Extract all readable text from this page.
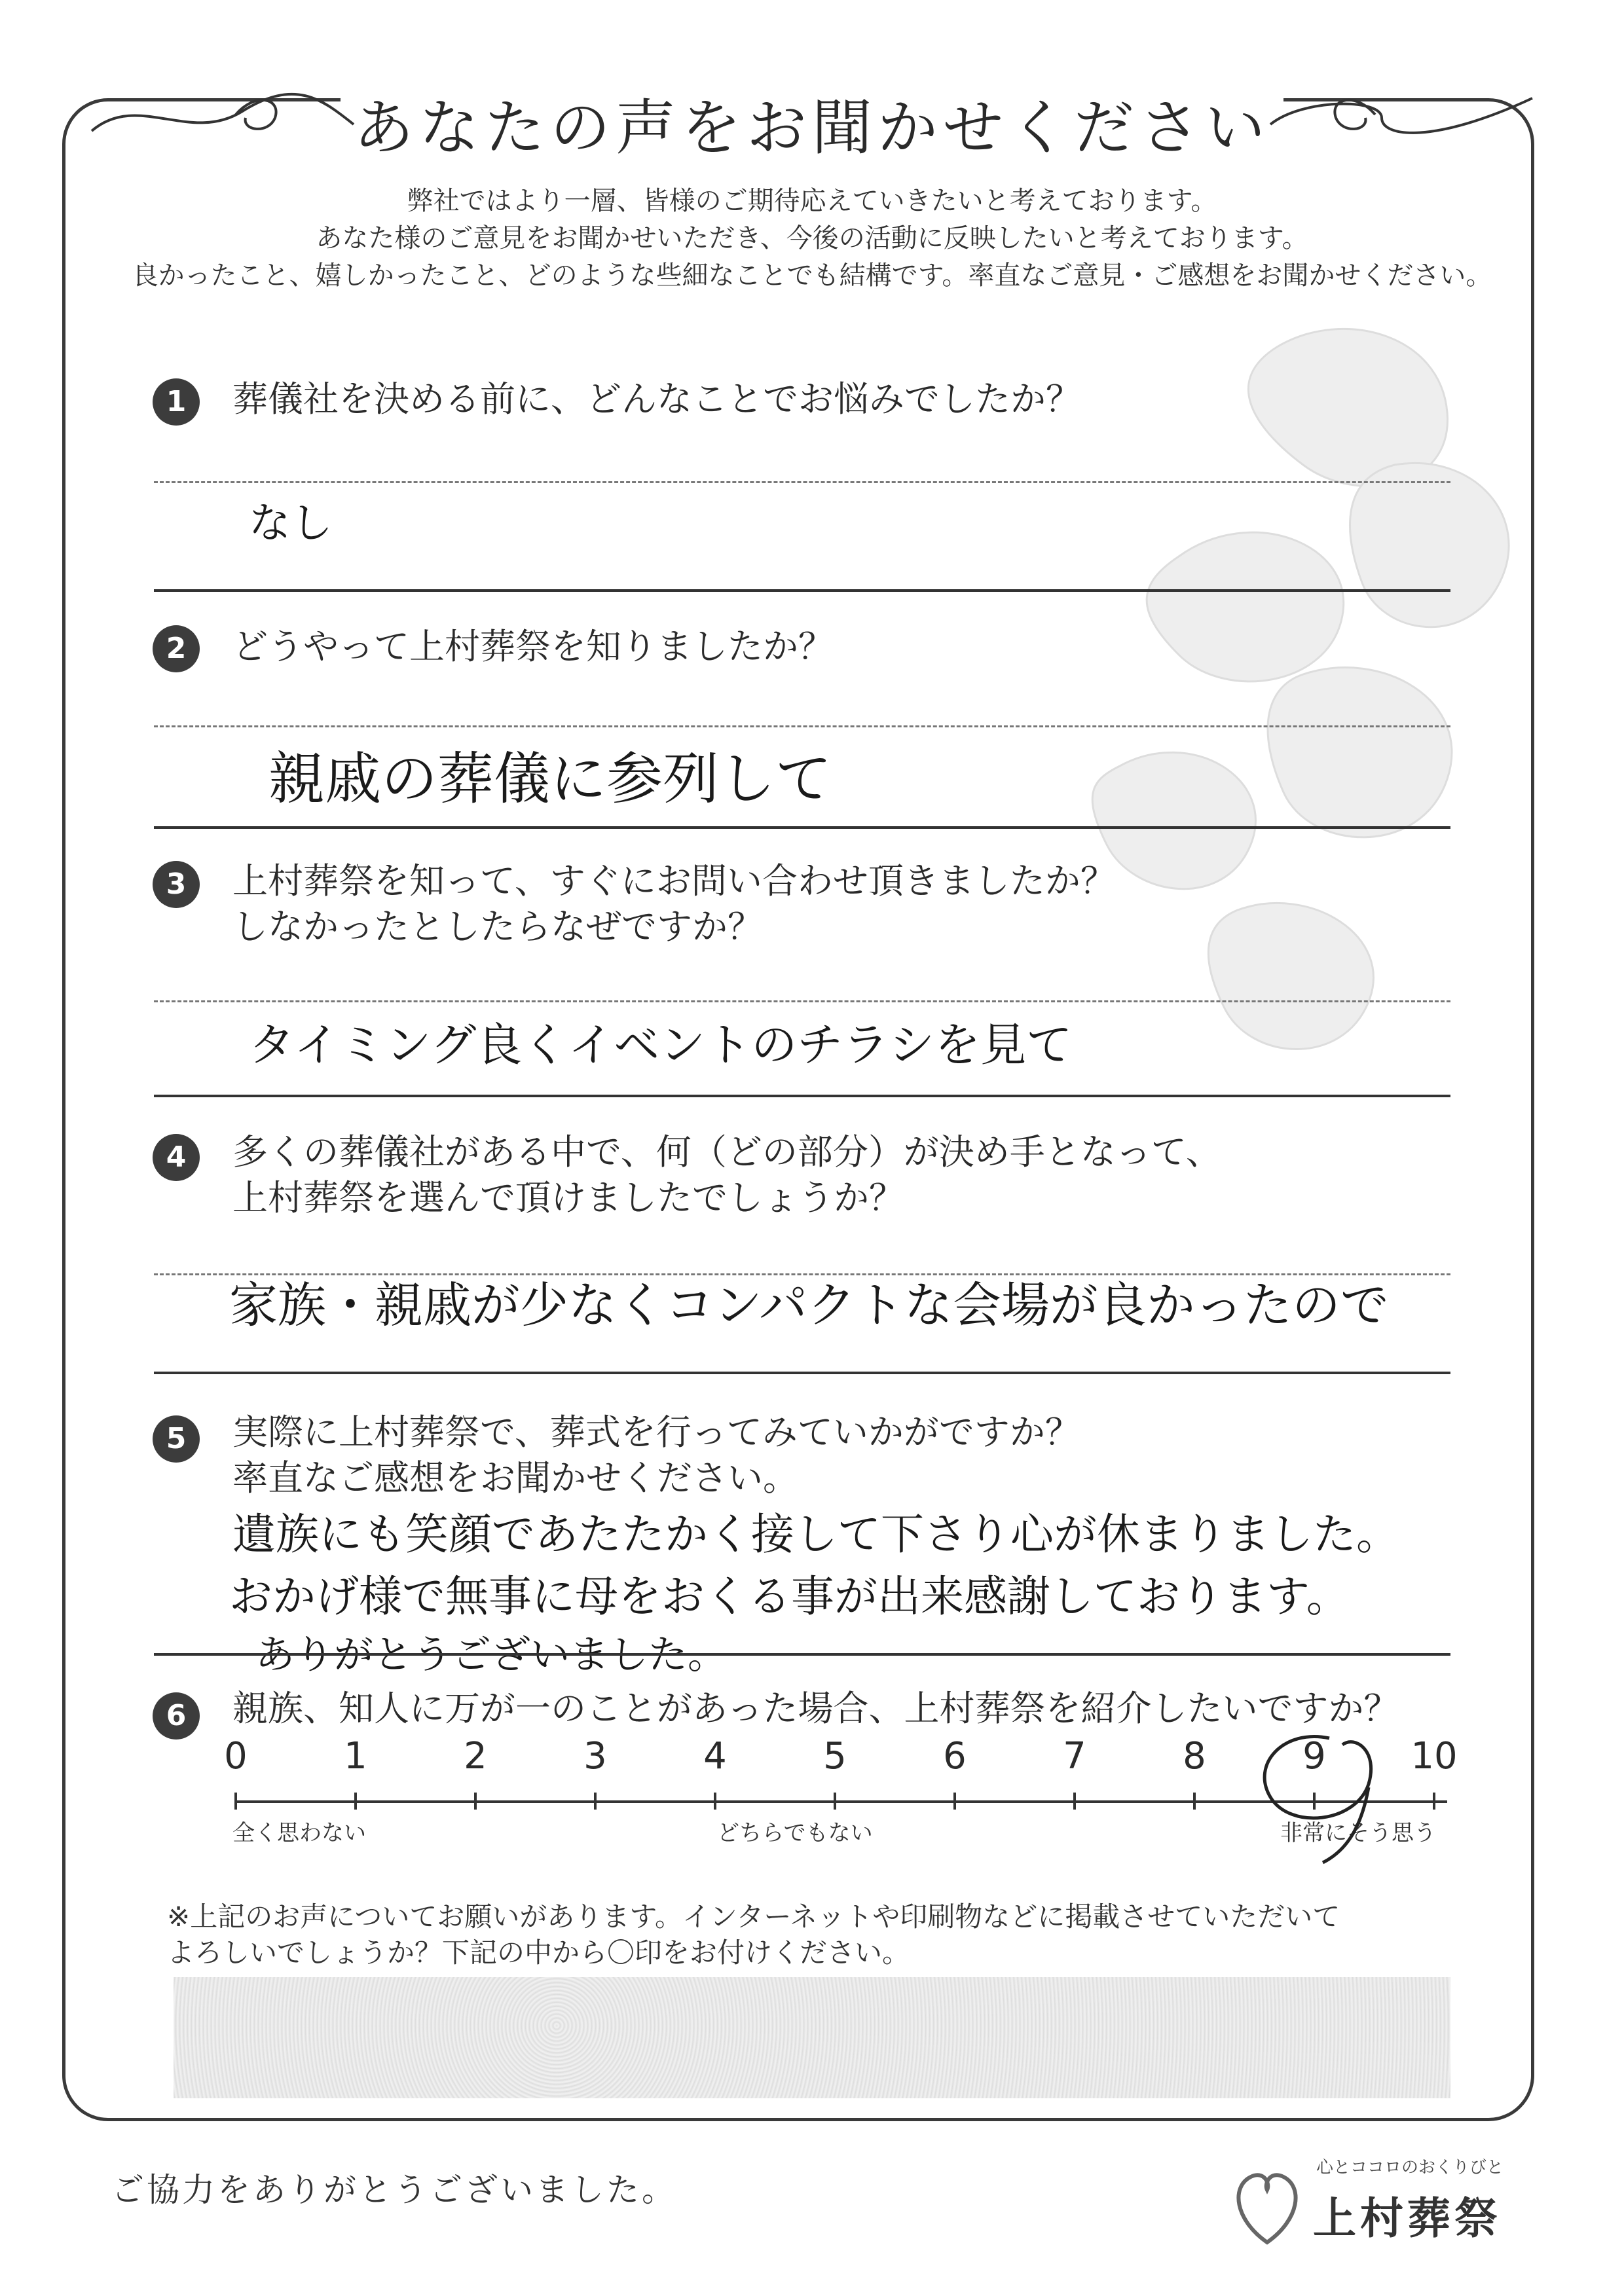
あなたの声をお聞かせください
弊社ではより一層、皆様のご期待応えていきたいと考えております。
あなた様のご意見をお聞かせいただき、今後の活動に反映したいと考えております。
良かったこと、嬉しかったこと、どのような些細なことでも結構です。率直なご意見・ご感想をお聞かせください。
1	葬儀社を決める前に、どんなことでお悩みでしたか？
なし
2	どうやって上村葬祭を知りましたか？
親戚の葬儀に参列して
3	上村葬祭を知って、すぐにお問い合わせ頂きましたか？
しなかったとしたらなぜですか？
タイミング良くイベントのチラシを見て
4	多くの葬儀社がある中で、何（どの部分）が決め手となって、
上村葬祭を選んで頂けましたでしょうか？
家族・親戚が少なくコンパクトな会場が良かったので
5	実際に上村葬祭で、葬式を行ってみていかがですか？
率直なご感想をお聞かせください。
遺族にも笑顔であたたかく接して下さり心が休まりました。
おかげ様で無事に母をおくる事が出来感謝しております。
ありがとうございました。
6	親族、知人に万が一のことがあった場合、上村葬祭を紹介したいですか？
0	1	2	3	4	5	6	7	8	9	10
全く思わない	どちらでもない	非常にそう思う
※上記のお声についてお願いがあります。インターネットや印刷物などに掲載させていただいて
よろしいでしょうか？下記の中から〇印をお付けください。
ご協力をありがとうございました。
心とココロのおくりびと
上村葬祭
